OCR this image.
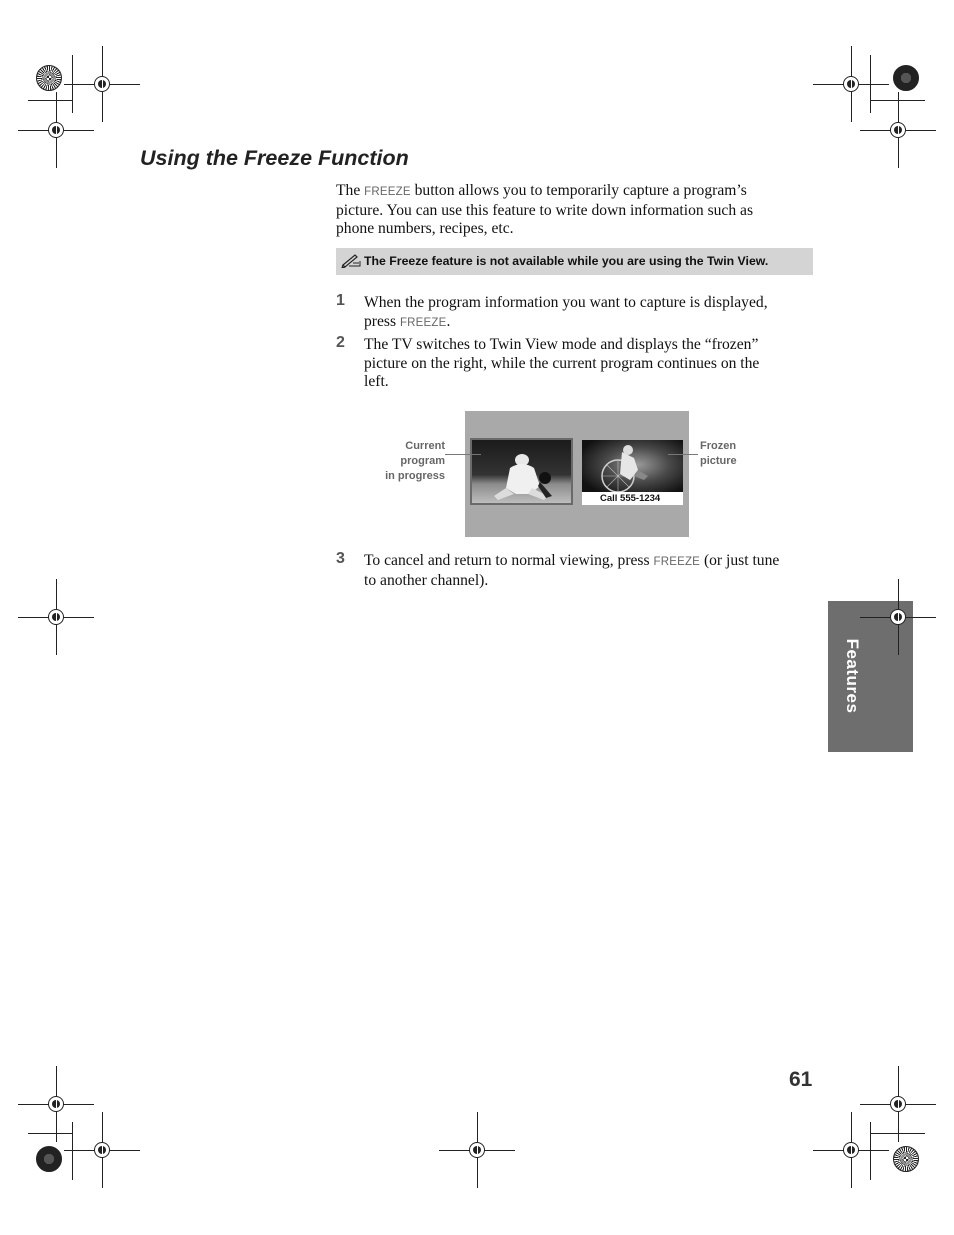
Using the Freeze Function
The FREEZE button allows you to temporarily capture a program’s
picture. You can use this feature to write down information such as
phone numbers, recipes, etc.
The Freeze feature is not available while you are using the Twin View.
1 When the program information you want to capture is displayed,
press FREEZE.
2 The TV switches to Twin View mode and displays the “frozen”
picture on the right, while the current program continues on the
left.
Call 555-1234
Current
program
in progress
Frozen
picture
3 To cancel and return to normal viewing, press FREEZE (or just tune
to another channel).
Features
61
